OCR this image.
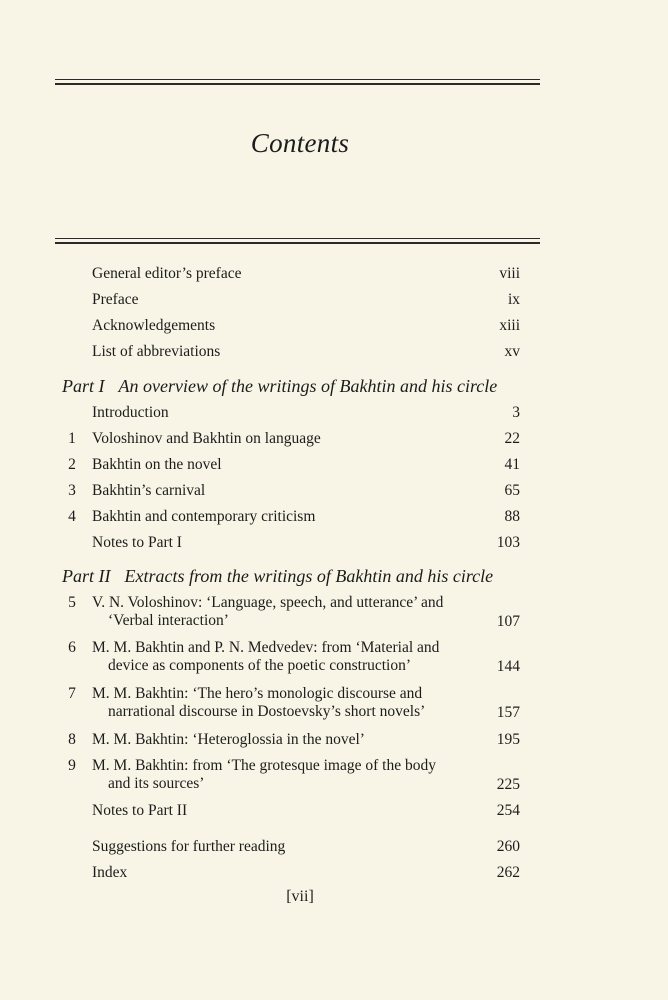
Contents
General editor’s preface	viii
Preface	ix
Acknowledgements	xiii
List of abbreviations	xv
Part I An overview of the writings of Bakhtin and his circle
Introduction	3
1 Voloshinov and Bakhtin on language	22
2 Bakhtin on the novel	41
3 Bakhtin’s carnival	65
4 Bakhtin and contemporary criticism	88
Notes to Part I	103
Part II Extracts from the writings of Bakhtin and his circle
5 V. N. Voloshinov: ‘Language, speech, and utterance’ and
‘Verbal interaction’	107
6 M. M. Bakhtin and P. N. Medvedev: from ‘Material and
device as components of the poetic construction’	144
7 M. M. Bakhtin: ‘The hero’s monologic discourse and
narrational discourse in Dostoevsky’s short novels’	157
8 M. M. Bakhtin: ‘Heteroglossia in the novel’	195
9 M. M. Bakhtin: from ‘The grotesque image of the body
and its sources’	225
Notes to Part II	254
Suggestions for further reading	260
Index	262
[vii]
